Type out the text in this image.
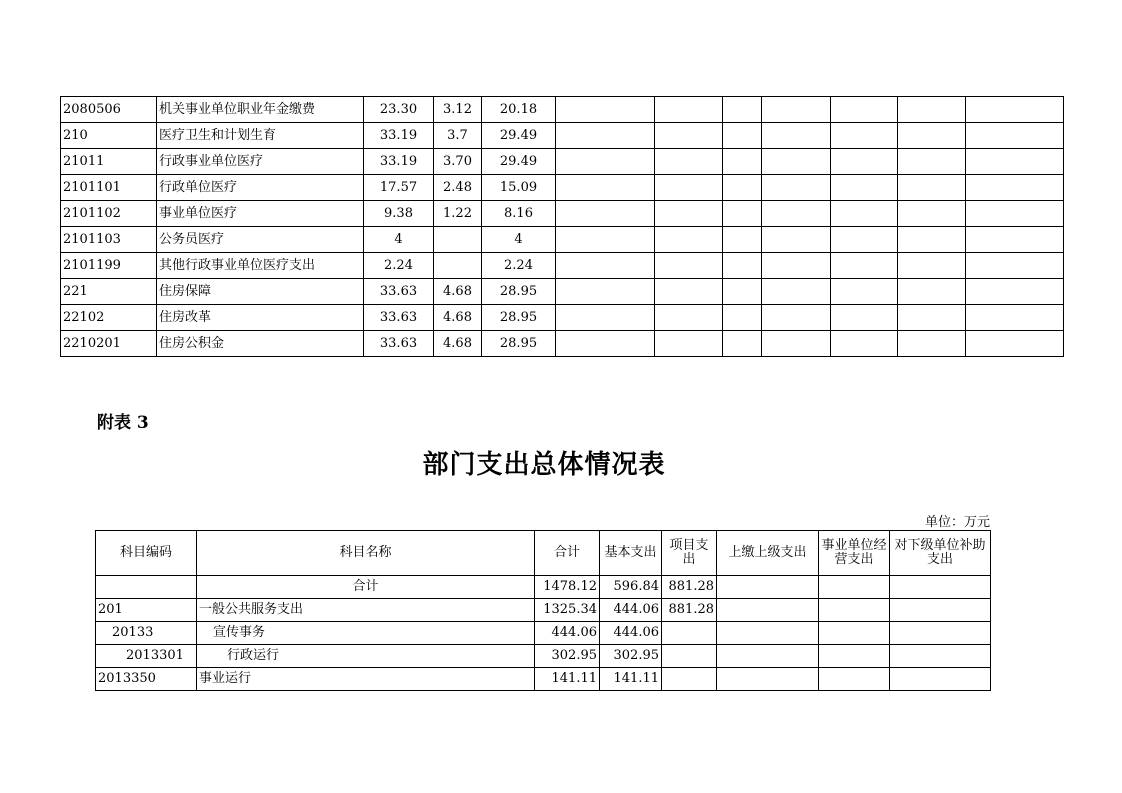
2080506	机关事业单位职业年金缴费	23.30	3.12	20.18							
210	医疗卫生和计划生育	33.19	3.7	29.49							
21011	行政事业单位医疗	33.19	3.70	29.49							
2101101	行政单位医疗	17.57	2.48	15.09							
2101102	事业单位医疗	9.38	1.22	8.16							
2101103	公务员医疗	4		4							
2101199	其他行政事业单位医疗支出	2.24		2.24							
221	住房保障	33.63	4.68	28.95							
22102	住房改革	33.63	4.68	28.95							
2210201	住房公积金	33.63	4.68	28.95							
附表 3
部门支出总体情况表
单位：万元
科目编码	科目名称	合计	基本支出	项目支出	上缴上级支出	事业单位经营支出	对下级单位补助支出
	合计	1478.12	596.84	881.28			
201	一般公共服务支出	1325.34	444.06	881.28			
20133	宣传事务	444.06	444.06				
2013301	行政运行	302.95	302.95				
2013350	事业运行	141.11	141.11				
